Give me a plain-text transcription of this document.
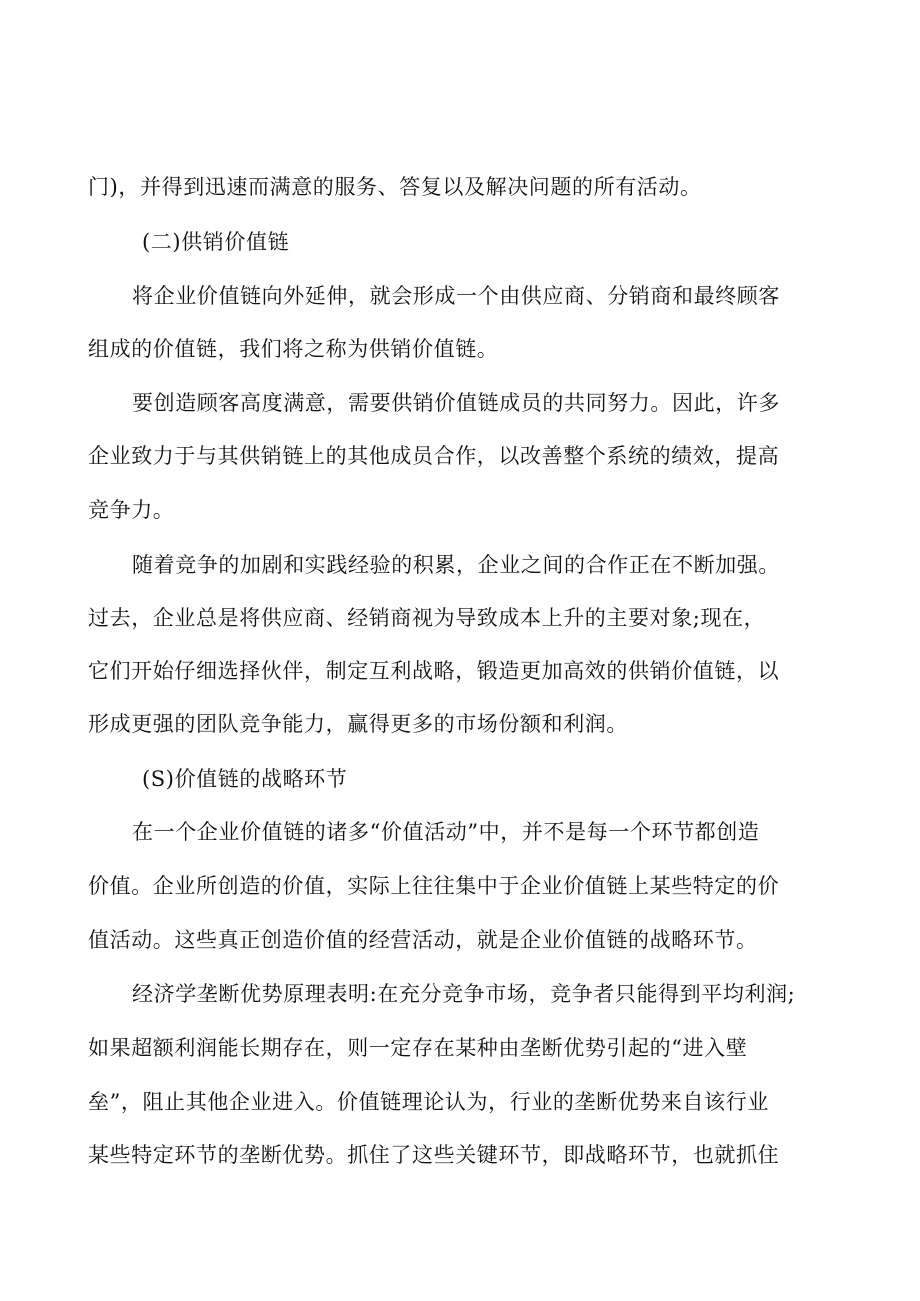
门)，并得到迅速而满意的服务、答复以及解决问题的所有活动。
(二)供销价值链
将企业价值链向外延伸，就会形成一个由供应商、分销商和最终顾客
组成的价值链，我们将之称为供销价值链。
要创造顾客高度满意，需要供销价值链成员的共同努力。因此，许多
企业致力于与其供销链上的其他成员合作，以改善整个系统的绩效，提高
竞争力。
随着竞争的加剧和实践经验的积累，企业之间的合作正在不断加强。
过去，企业总是将供应商、经销商视为导致成本上升的主要对象;现在，
它们开始仔细选择伙伴，制定互利战略，锻造更加高效的供销价值链，以
形成更强的团队竞争能力，赢得更多的市场份额和利润。
(S)价值链的战略环节
在一个企业价值链的诸多“价值活动”中，并不是每一个环节都创造
价值。企业所创造的价值，实际上往往集中于企业价值链上某些特定的价
值活动。这些真正创造价值的经营活动，就是企业价值链的战略环节。
经济学垄断优势原理表明:在充分竞争市场，竞争者只能得到平均利润;
如果超额利润能长期存在，则一定存在某种由垄断优势引起的“进入壁
垒”，阻止其他企业进入。价值链理论认为，行业的垄断优势来自该行业
某些特定环节的垄断优势。抓住了这些关键环节，即战略环节，也就抓住
